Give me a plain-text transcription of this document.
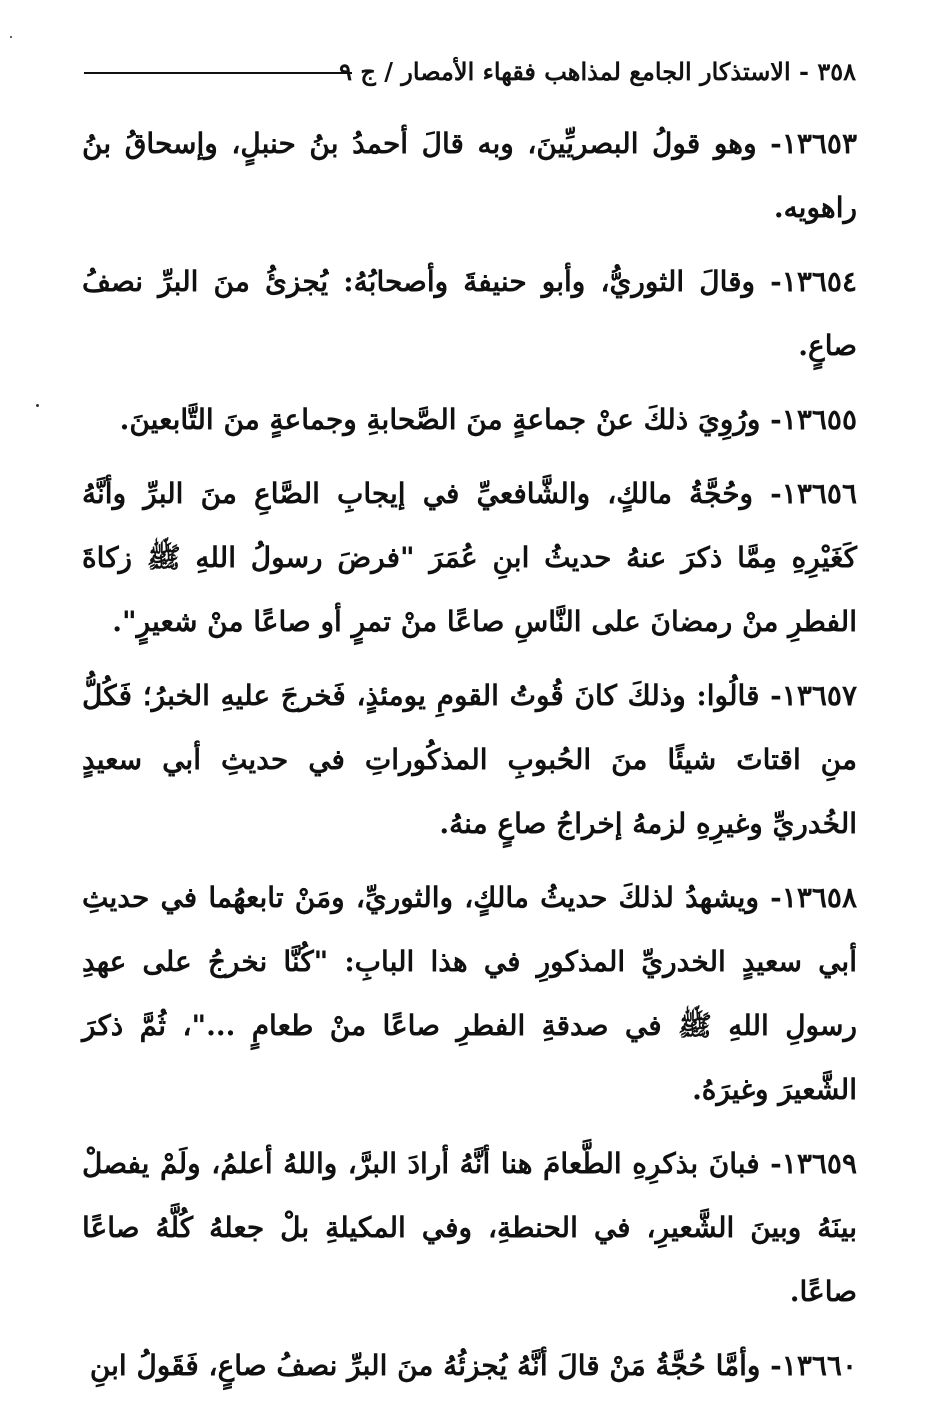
٣٥٨ - الاستذكار الجامع لمذاهب فقهاء الأمصار / ج

١٣٦٥٣- وهو قولُ البصريِّينَ، وبه قالَ أحمدُ بنُ حنبلٍ، وإسحاقُ بنُ راهويه.

١٣٦٥٤- وقالَ الثوريُّ، وأبو حنيفةَ وأصحابُهُ: يُجزئُ منَ البرِّ نصفُ صاعٍ.

١٣٦٥٥- ورُوِيَ ذلكَ عنْ جماعةٍ منَ الصَّحابةِ وجماعةٍ منَ التَّابعينَ.

١٣٦٥٦- وحُجَّةُ مالكٍ، والشَّافعيِّ في إيجابِ الصَّاعِ منَ البرِّ وأنَّهُ كَغَيْرِهِ مِمَّا ذكرَ عنهُ حديثُ ابنِ عُمَرَ "فرضَ رسولُ اللهِ ﷺ زكاةَ الفطرِ منْ رمضانَ على النَّاسِ صاعًا منْ تمرٍ أو صاعًا منْ شعيرٍ".

١٣٦٥٧- قالُوا: وذلكَ كانَ قُوتُ القومِ يومئذٍ، فَخرجَ عليهِ الخبرُ؛ فَكُلُّ منِ اقتاتَ شيئًا منَ الحُبوبِ المذكُوراتِ في حديثِ أبي سعيدٍ الخُدريِّ وغيرِهِ لزمهُ إخراجُ صاعٍ منهُ.

١٣٦٥٨- ويشهدُ لذلكَ حديثُ مالكٍ، والثوريِّ، ومَنْ تابعهُما في حديثِ أبي سعيدٍ الخدريِّ المذكورِ في هذا البابِ: "كُنَّا نخرجُ على عهدِ رسولِ اللهِ ﷺ في صدقةِ الفطرِ صاعًا منْ طعامٍ ..."، ثُمَّ ذكرَ الشَّعيرَ وغيرَهُ.

١٣٦٥٩- فبانَ بذكرِهِ الطَّعامَ هنا أنَّهُ أرادَ البرَّ، واللهُ أعلمُ، ولَمْ يفصلْ بينَهُ وبينَ الشَّعيرِ، في الحنطةِ، وفي المكيلةِ بلْ جعلهُ كُلَّهُ صاعًا صاعًا.

١٣٦٦٠- وأمَّا حُجَّةُ مَنْ قالَ أنَّهُ يُجزئُهُ منَ البرِّ نصفُ صاعٍ، فَقَولُ ابنِ
